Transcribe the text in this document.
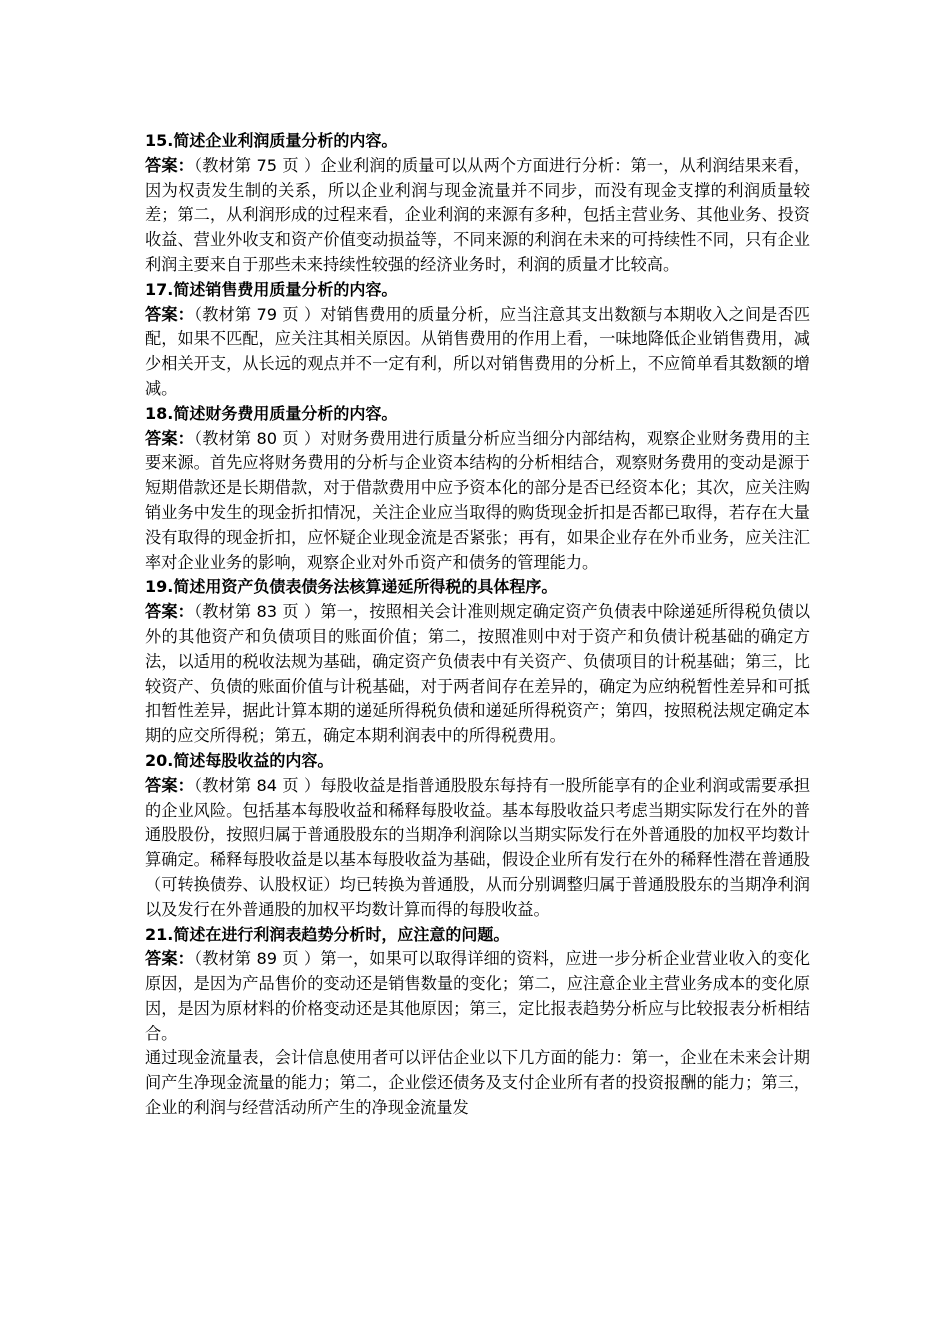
15.简述企业利润质量分析的内容。

答案：（教材第 75 页 ）企业利润的质量可以从两个方面进行分析：第一，从利润结果来看，因为权责发生制的关系，所以企业利润与现金流量并不同步，而没有现金支撑的利润质量较差；第二，从利润形成的过程来看，企业利润的来源有多种，包括主营业务、其他业务、投资收益、营业外收支和资产价值变动损益等，不同来源的利润在未来的可持续性不同，只有企业利润主要来自于那些未来持续性较强的经济业务时，利润的质量才比较高。

17.简述销售费用质量分析的内容。

答案：（教材第 79 页 ）对销售费用的质量分析，应当注意其支出数额与本期收入之间是否匹配，如果不匹配，应关注其相关原因。从销售费用的作用上看，一味地降低企业销售费用，减少相关开支，从长远的观点并不一定有利，所以对销售费用的分析上，不应简单看其数额的增减。

18.简述财务费用质量分析的内容。

答案：（教材第 80 页 ）对财务费用进行质量分析应当细分内部结构，观察企业财务费用的主要来源。首先应将财务费用的分析与企业资本结构的分析相结合，观察财务费用的变动是源于短期借款还是长期借款，对于借款费用中应予资本化的部分是否已经资本化；其次，应关注购销业务中发生的现金折扣情况，关注企业应当取得的购货现金折扣是否都已取得，若存在大量没有取得的现金折扣，应怀疑企业现金流是否紧张；再有，如果企业存在外币业务，应关注汇率对企业业务的影响，观察企业对外币资产和债务的管理能力。

19.简述用资产负债表债务法核算递延所得税的具体程序。

答案：（教材第 83 页 ）第一，按照相关会计准则规定确定资产负债表中除递延所得税负债以外的其他资产和负债项目的账面价值；第二，按照准则中对于资产和负债计税基础的确定方法，以适用的税收法规为基础，确定资产负债表中有关资产、负债项目的计税基础；第三，比较资产、负债的账面价值与计税基础，对于两者间存在差异的，确定为应纳税暂性差异和可抵扣暂性差异，据此计算本期的递延所得税负债和递延所得税资产；第四，按照税法规定确定本期的应交所得税；第五，确定本期利润表中的所得税费用。

20.简述每股收益的内容。

答案：（教材第 84 页 ）每股收益是指普通股股东每持有一股所能享有的企业利润或需要承担的企业风险。包括基本每股收益和稀释每股收益。基本每股收益只考虑当期实际发行在外的普通股股份，按照归属于普通股股东的当期净利润除以当期实际发行在外普通股的加权平均数计算确定。稀释每股收益是以基本每股收益为基础，假设企业所有发行在外的稀释性潜在普通股（可转换债券、认股权证）均已转换为普通股，从而分别调整归属于普通股股东的当期净利润以及发行在外普通股的加权平均数计算而得的每股收益。

21.简述在进行利润表趋势分析时，应注意的问题。

答案：（教材第 89 页 ）第一，如果可以取得详细的资料，应进一步分析企业营业收入的变化原因，是因为产品售价的变动还是销售数量的变化；第二，应注意企业主营业务成本的变化原因，是因为原材料的价格变动还是其他原因；第三，定比报表趋势分析应与比较报表分析相结合。

通过现金流量表，会计信息使用者可以评估企业以下几方面的能力：第一，企业在未来会计期间产生净现金流量的能力；第二，企业偿还债务及支付企业所有者的投资报酬的能力；第三，企业的利润与经营活动所产生的净现金流量发
